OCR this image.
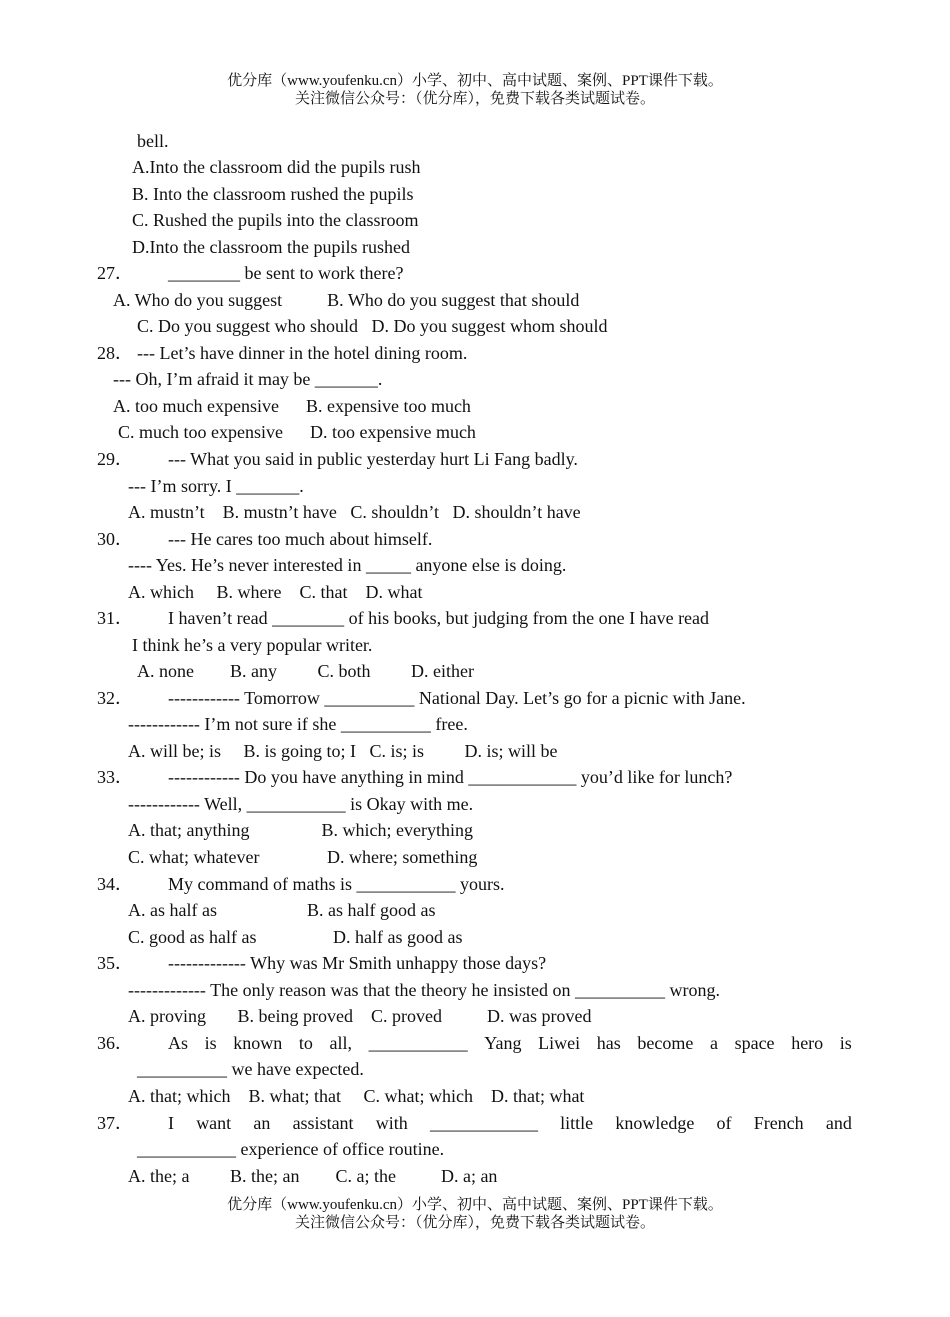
优分库（www.youfenku.cn）小学、初中、高中试题、案例、PPT课件下载。
关注微信公众号：（优分库），免费下载各类试题试卷。
bell.
A.Into the classroom did the pupils rush
B. Into the classroom rushed the pupils
C. Rushed the pupils into the classroom
D.Into the classroom the pupils rushed
27． ________ be sent to work there?
A. Who do you suggest          B. Who do you suggest that should
C. Do you suggest who should   D. Do you suggest whom should
28． --- Let’s have dinner in the hotel dining room.
--- Oh, I’m afraid it may be _______.
A. too much expensive      B. expensive too much
C. much too expensive      D. too expensive much
29． --- What you said in public yesterday hurt Li Fang badly.
--- I’m sorry. I _______.
A. mustn’t    B. mustn’t have   C. shouldn’t   D. shouldn’t have
30． --- He cares too much about himself.
---- Yes. He’s never interested in _____ anyone else is doing.
A. which     B. where    C. that    D. what
31． I haven’t read ________ of his books, but judging from the one I have read
I think he’s a very popular writer.
A. none        B. any         C. both         D. either
32． ------------ Tomorrow __________ National Day. Let’s go for a picnic with Jane.
------------ I’m not sure if she __________ free.
A. will be; is     B. is going to; I   C. is; is         D. is; will be
33． ------------ Do you have anything in mind ____________ you’d like for lunch?
------------ Well, ___________ is Okay with me.
A. that; anything                B. which; everything
C. what; whatever               D. where; something
34． My command of maths is ___________ yours.
A. as half as                    B. as half good as
C. good as half as                 D. half as good as
35． ------------- Why was Mr Smith unhappy those days?
------------- The only reason was that the theory he insisted on __________ wrong.
A. proving       B. being proved    C. proved          D. was proved
36． As is known to all, ___________ Yang Liwei has become a space hero is
__________ we have expected.
A. that; which    B. what; that     C. what; which    D. that; what
37． I want an assistant with ____________ little knowledge of French and
___________ experience of office routine.
A. the; a         B. the; an        C. a; the          D. a; an
优分库（www.youfenku.cn）小学、初中、高中试题、案例、PPT课件下载。
关注微信公众号：（优分库），免费下载各类试题试卷。
